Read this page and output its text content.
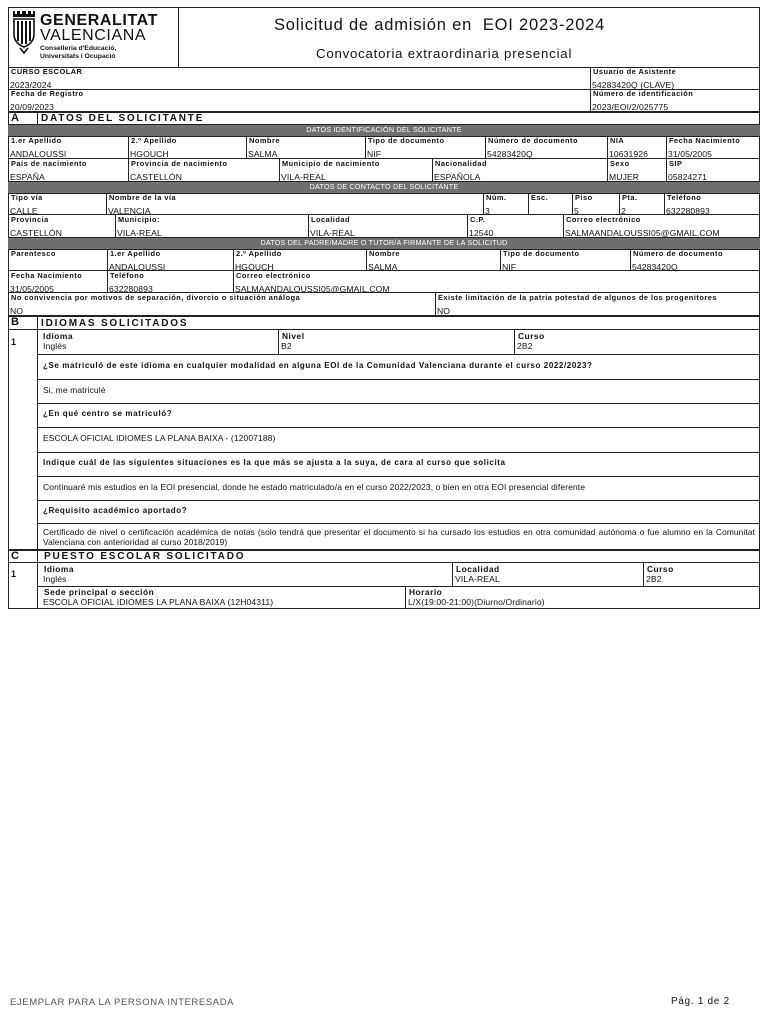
GENERALITAT
VALENCIANA
Conselleria d'Educació,
Universitats i Ocupació
Solicitud de admisión en  EOI 2023-2024
Convocatoria extraordinaria presencial
CURSO ESCOLAR
2023/2024
Fecha de Registro
20/09/2023
Usuario de Asistente
54283420Q (CLAVE)
Número de identificación
2023/EOI/2/025775
A DATOS DEL SOLICITANTE
DATOS IDENTIFICACIÓN DEL SOLICITANTE
1.er Apellido
ANDALOUSSI
2.º Apellido
HGOUCH
Nombre
SALMA
Tipo de documento
NIF
Número de documento
54283420Q
NIA
10631926
Fecha Nacimiento
31/05/2005
País de nacimiento
ESPAÑA
Provincia de nacimiento
CASTELLÓN
Municipio de nacimiento
VILA-REAL
Nacionalidad
ESPAÑOLA
Sexo
MUJER
SIP
05824271
DATOS DE CONTACTO DEL SOLICITANTE
Tipo vía
CALLE
Nombre de la vía
VALENCIA
Núm.
3
Esc.	Piso
5
Pta.
2
Teléfono
632280893
Provincia
CASTELLÓN
Municipio:
VILA-REAL
Localidad
VILA-REAL
C.P.
12540
Correo electrónico
SALMAANDALOUSSI05@GMAIL.COM
DATOS DEL PADRE/MADRE O TUTOR/A FIRMANTE DE LA SOLICITUD
Parentesco	1.er Apellido
ANDALOUSSI
2.º Apellido
HGOUCH
Nombre
SALMA
Tipo de documento
NIF
Número de documento
54283420Q
Fecha Nacimiento
31/05/2005
Teléfono
632280893
Correo electrónico
SALMAANDALOUSSI05@GMAIL.COM
No convivencia por motivos de separación, divorcio o situación análoga
NO
Existe limitación de la patria potestad de algunos de los progenitores
NO
B IDIOMAS SOLICITADOS
1
Idioma
Inglés
Nivel
B2
Curso
2B2
¿Se matriculó de este idioma en cualquier modalidad en alguna EOI de la Comunidad Valenciana durante el curso 2022/2023?
Si, me matriculé
¿En qué centro se matriculó?
ESCOLA OFICIAL IDIOMES LA PLANA BAIXA - (12007188)
Indique cuál de las siguientes situaciones es la que más se ajusta a la suya, de cara al curso que solicita
Continuaré mis estudios en la EOI presencial, donde he estado matriculado/a en el curso 2022/2023, o bien en otra EOI presencial diferente
¿Requisito académico aportado?
Certificado de nivel o certificación académica de notas (solo tendrá que presentar el documento si ha cursado los estudios en otra comunidad autónoma o fue alumno en la Comunitat Valenciana con anterioridad al curso 2018/2019)
C	PUESTO ESCOLAR SOLICITADO
1	Idioma
Inglés
Localidad
VILA-REAL
Curso
2B2
Sede principal o sección
ESCOLA OFICIAL IDIOMES LA PLANA BAIXA (12H04311)
Horario
L/X(19:00-21:00)(Diurno/Ordinario)
EJEMPLAR PARA LA PERSONA INTERESADA	Pág. 1 de 2
